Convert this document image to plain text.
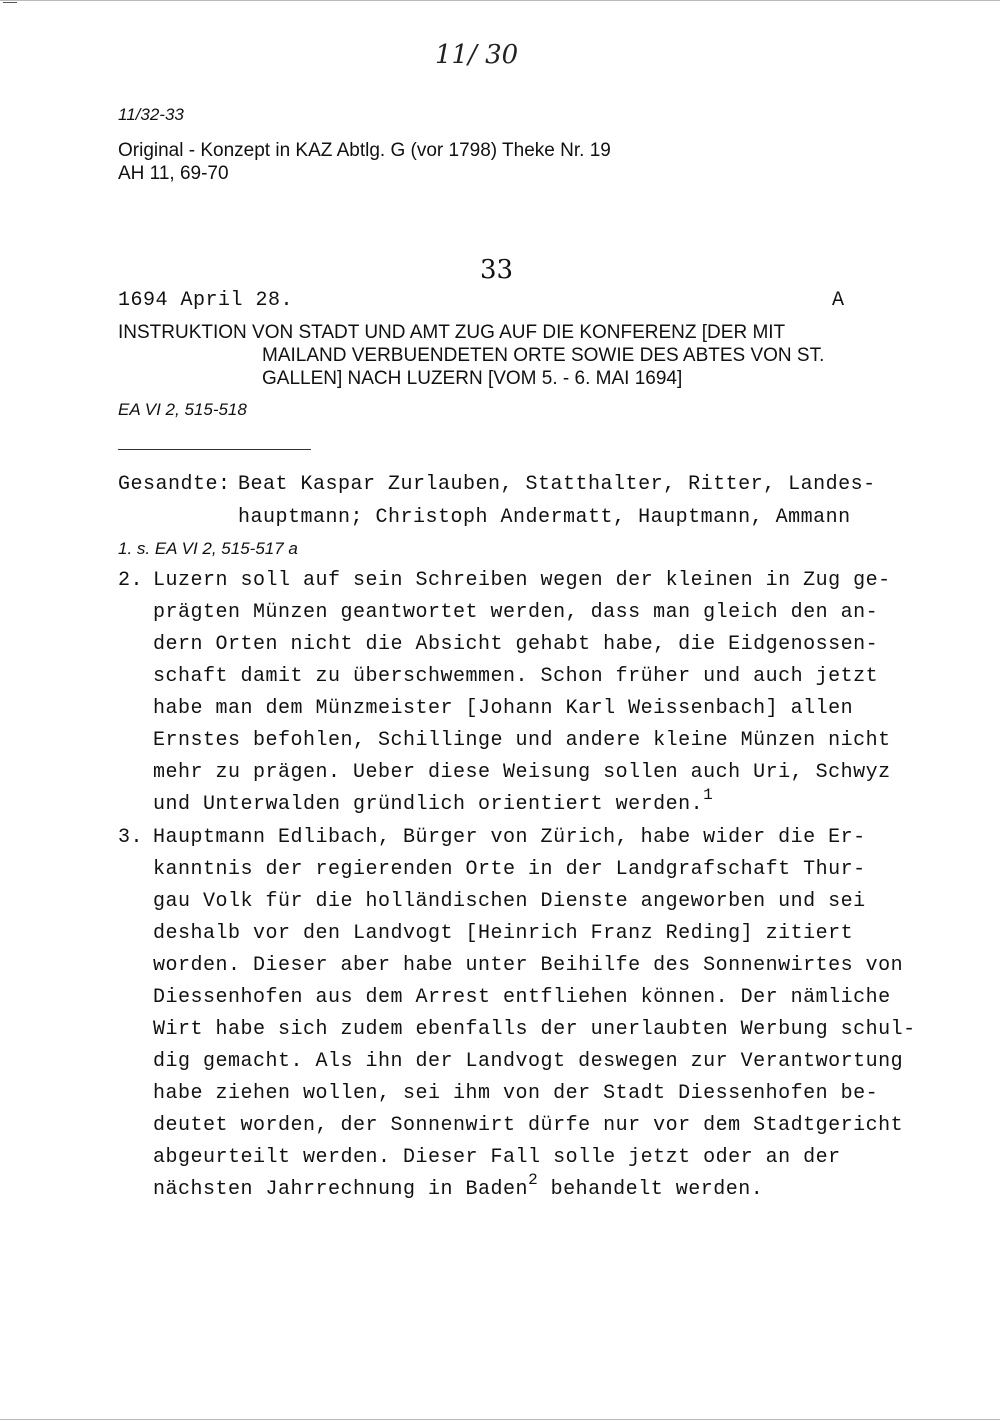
11/ 30
11/32-33
Original - Konzept in KAZ Abtlg. G (vor 1798) Theke Nr. 19
AH 11, 69-70
33
1694 April 28.	A
INSTRUKTION VON STADT UND AMT ZUG AUF DIE KONFERENZ [DER MIT
MAILAND VERBUENDETEN ORTE SOWIE DES ABTES VON ST.
GALLEN] NACH LUZERN [VOM 5. - 6. MAI 1694]
EA VI 2, 515-518
Gesandte: Beat Kaspar Zurlauben, Statthalter, Ritter, Landes-
hauptmann; Christoph Andermatt, Hauptmann, Ammann
1. s. EA VI 2, 515-517 a
2. Luzern soll auf sein Schreiben wegen der kleinen in Zug ge-
prägten Münzen geantwortet werden, dass man gleich den an-
dern Orten nicht die Absicht gehabt habe, die Eidgenossen-
schaft damit zu überschwemmen. Schon früher und auch jetzt
habe man dem Münzmeister [Johann Karl Weissenbach] allen
Ernstes befohlen, Schillinge und andere kleine Münzen nicht
mehr zu prägen. Ueber diese Weisung sollen auch Uri, Schwyz
und Unterwalden gründlich orientiert werden.$^1$
3. Hauptmann Edlibach, Bürger von Zürich, habe wider die Er-
kanntnis der regierenden Orte in der Landgrafschaft Thur-
gau Volk für die holländischen Dienste angeworben und sei
deshalb vor den Landvogt [Heinrich Franz Reding] zitiert
worden. Dieser aber habe unter Beihilfe des Sonnenwirtes von
Diessenhofen aus dem Arrest entfliehen können. Der nämliche
Wirt habe sich zudem ebenfalls der unerlaubten Werbung schul-
dig gemacht. Als ihn der Landvogt deswegen zur Verantwortung
habe ziehen wollen, sei ihm von der Stadt Diessenhofen be-
deutet worden, der Sonnenwirt dürfe nur vor dem Stadtgericht
abgeurteilt werden. Dieser Fall solle jetzt oder an der
nächsten Jahrrechnung in Baden$^2$ behandelt werden.
